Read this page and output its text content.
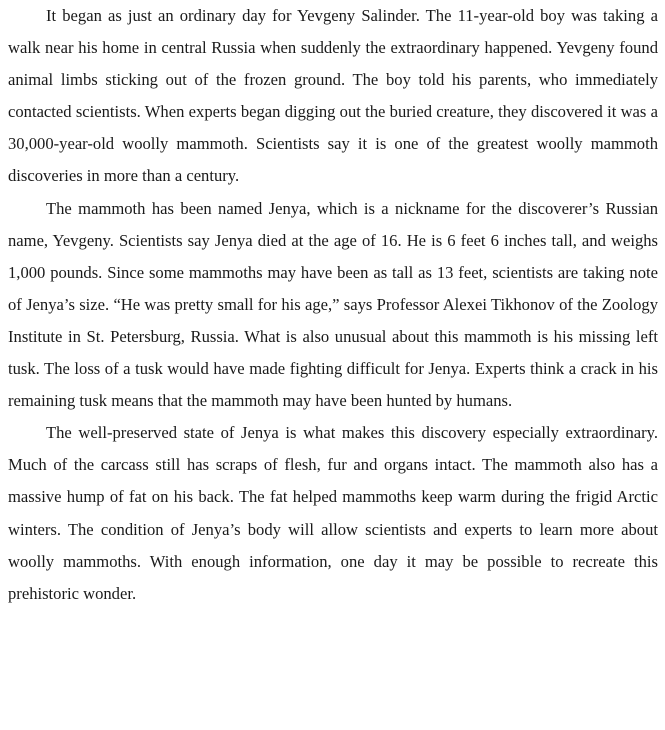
It began as just an ordinary day for Yevgeny Salinder. The 11-year-old boy was taking a walk near his home in central Russia when suddenly the extraordinary happened. Yevgeny found animal limbs sticking out of the frozen ground. The boy told his parents, who immediately contacted scientists. When experts began digging out the buried creature, they discovered it was a 30,000-year-old woolly mammoth. Scientists say it is one of the greatest woolly mammoth discoveries in more than a century.

The mammoth has been named Jenya, which is a nickname for the discoverer’s Russian name, Yevgeny. Scientists say Jenya died at the age of 16. He is 6 feet 6 inches tall, and weighs 1,000 pounds. Since some mammoths may have been as tall as 13 feet, scientists are taking note of Jenya’s size. “He was pretty small for his age,” says Professor Alexei Tikhonov of the Zoology Institute in St. Petersburg, Russia. What is also unusual about this mammoth is his missing left tusk. The loss of a tusk would have made fighting difficult for Jenya. Experts think a crack in his remaining tusk means that the mammoth may have been hunted by humans.

The well-preserved state of Jenya is what makes this discovery especially extraordinary. Much of the carcass still has scraps of flesh, fur and organs intact. The mammoth also has a massive hump of fat on his back. The fat helped mammoths keep warm during the frigid Arctic winters. The condition of Jenya’s body will allow scientists and experts to learn more about woolly mammoths. With enough information, one day it may be possible to recreate this prehistoric wonder.
